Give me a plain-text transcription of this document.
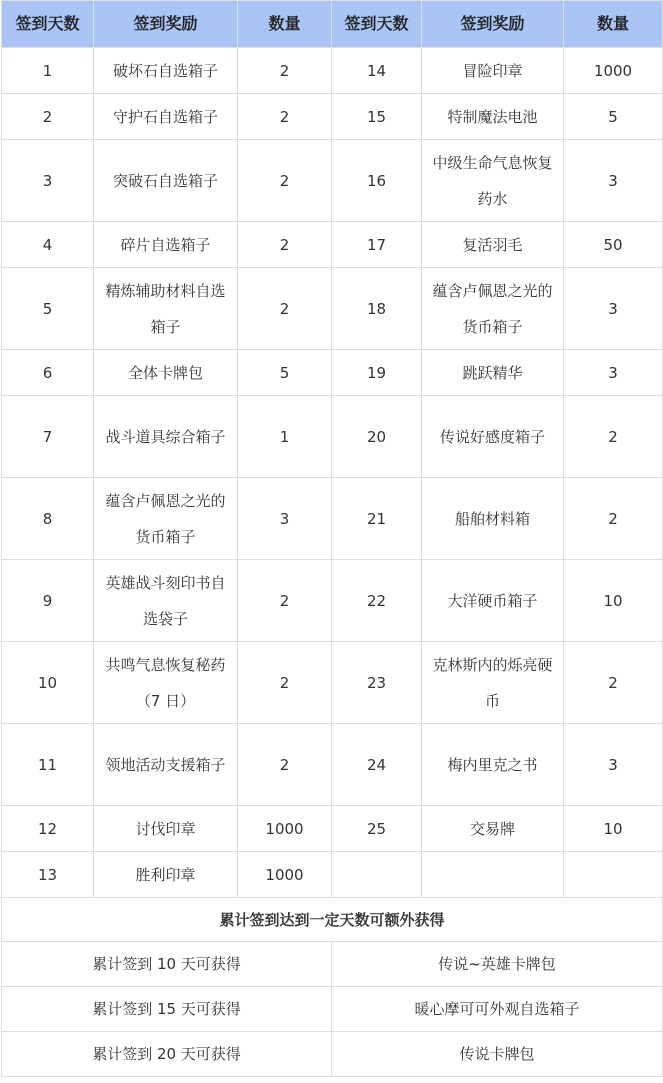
签到天数	签到奖励	数量	签到天数	签到奖励	数量
1	破坏石自选箱子	2	14	冒险印章	1000
2	守护石自选箱子	2	15	特制魔法电池	5
3	突破石自选箱子	2	16	中级生命气息恢复药水	3
4	碎片自选箱子	2	17	复活羽毛	50
5	精炼辅助材料自选箱子	2	18	蕴含卢佩恩之光的货币箱子	3
6	全体卡牌包	5	19	跳跃精华	3
7	战斗道具综合箱子	1	20	传说好感度箱子	2
8	蕴含卢佩恩之光的货币箱子	3	21	船舶材料箱	2
9	英雄战斗刻印书自选袋子	2	22	大洋硬币箱子	10
10	共鸣气息恢复秘药（7 日）	2	23	克林斯内的烁亮硬币	2
11	领地活动支援箱子	2	24	梅内里克之书	3
12	讨伐印章	1000	25	交易牌	10
13	胜利印章	1000			
累计签到达到一定天数可额外获得					
累计签到 10 天可获得			传说~英雄卡牌包		
累计签到 15 天可获得			暖心摩可可外观自选箱子		
累计签到 20 天可获得			传说卡牌包		
